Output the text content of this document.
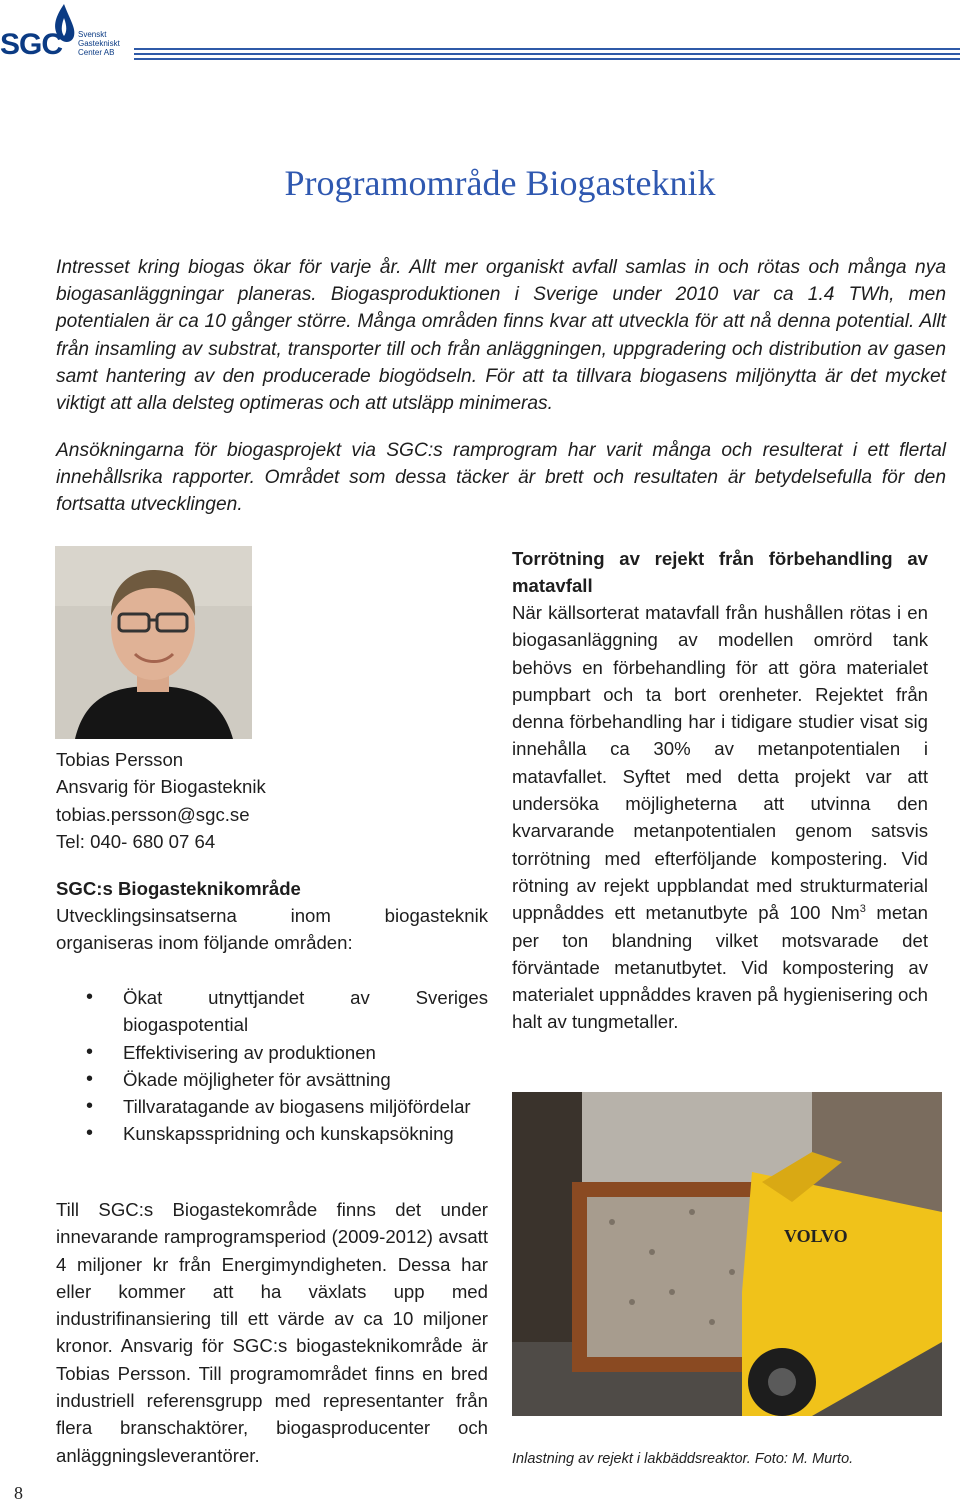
SGC Svenskt
Gastekniskt
Center AB
Programområde Biogasteknik

Intresset kring biogas ökar för varje år. Allt mer organiskt avfall samlas in och rötas och många nya biogasanläggningar planeras. Biogasproduktionen i Sverige under 2010 var ca 1.4 TWh, men potentialen är ca 10 gånger större. Många områden finns kvar att utveckla för att nå denna potential. Allt från insamling av substrat, transporter till och från anläggningen, uppgradering och distribution av gasen samt hantering av den producerade biogödseln. För att ta tillvara biogasens miljönytta är det mycket viktigt att alla delsteg optimeras och att utsläpp minimeras.

Ansökningarna för biogasprojekt via SGC:s ramprogram har varit många och resulterat i ett flertal innehållsrika rapporter. Området som dessa täcker är brett och resultaten är betydelsefulla för den fortsatta utvecklingen.

Tobias Persson
Ansvarig för Biogasteknik
tobias.persson@sgc.se
Tel: 040- 680 07 64
SGC:s Biogasteknikområde
Utvecklingsinsatserna inom biogasteknik organiseras inom följande områden:
• Ökat utnyttjandet av Sveriges biogaspotential
• Effektivisering av produktionen
• Ökade möjligheter för avsättning
• Tillvaratagande av biogasens miljöfördelar
• Kunskapsspridning och kunskapsökning
Till SGC:s Biogastekområde finns det under innevarande ramprogramsperiod (2009-2012) avsatt 4 miljoner kr från Energimyndigheten. Dessa har eller kommer att ha växlats upp med industrifinansiering till ett värde av ca 10 miljoner kronor. Ansvarig för SGC:s biogasteknikområde är Tobias Persson. Till programområdet finns en bred industriell referensgrupp med representanter från flera branschaktörer, biogasproducenter och anläggningsleverantörer.
Torrötning av rejekt från förbehandling av matavfall
När källsorterat matavfall från hushållen rötas i en biogasanläggning av modellen omrörd tank behövs en förbehandling för att göra materialet pumpbart och ta bort orenheter. Rejektet från denna förbehandling har i tidigare studier visat sig innehålla ca 30% av metanpotentialen i matavfallet. Syftet med detta projekt var att undersöka möjligheterna att utvinna den kvarvarande metanpotentialen genom satsvis torrötning med efterföljande kompostering. Vid rötning av rejekt uppblandat med strukturmaterial uppnåddes ett metanutbyte på 100 Nm$^3$ metan per ton blandning vilket motsvarade det förväntade metanutbytet. Vid kompostering av materialet uppnåddes kraven på hygienisering och halt av tungmetaller.
VOLVO
Inlastning av rejekt i lakbäddsreaktor. Foto: M. Murto.
8
